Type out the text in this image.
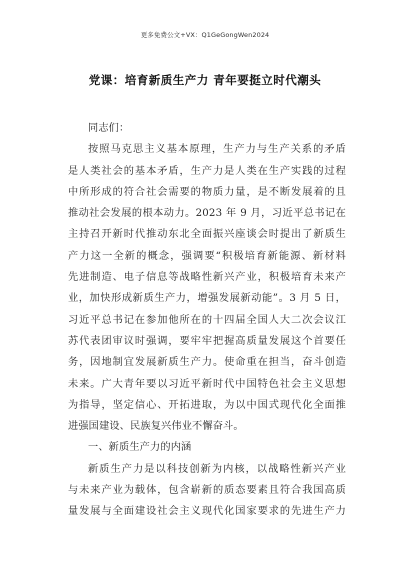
更多免费公文+VX：Q1GeGongWen2024
党课：培育新质生产力 青年要挺立时代潮头
同志们：
按照马克思主义基本原理，生产力与生产关系的矛盾
是人类社会的基本矛盾，生产力是人类在生产实践的过程
中所形成的符合社会需要的物质力量，是不断发展着的且
推动社会发展的根本动力。2023 年 9 月，习近平总书记在
主持召开新时代推动东北全面振兴座谈会时提出了新质生
产力这一全新的概念，强调要“积极培育新能源、新材料
先进制造、电子信息等战略性新兴产业，积极培育未来产
业，加快形成新质生产力，增强发展新动能”。3 月 5 日，
习近平总书记在参加他所在的十四届全国人大二次会议江
苏代表团审议时强调，要牢牢把握高质量发展这个首要任
务，因地制宜发展新质生产力。使命重在担当，奋斗创造
未来。广大青年要以习近平新时代中国特色社会主义思想
为指导，坚定信心、开拓进取，为以中国式现代化全面推
进强国建设、民族复兴伟业不懈奋斗。
一、新质生产力的内涵
新质生产力是以科技创新为内核，以战略性新兴产业
与未来产业为载体，包含崭新的质态要素且符合我国高质
量发展与全面建设社会主义现代化国家要求的先进生产力
